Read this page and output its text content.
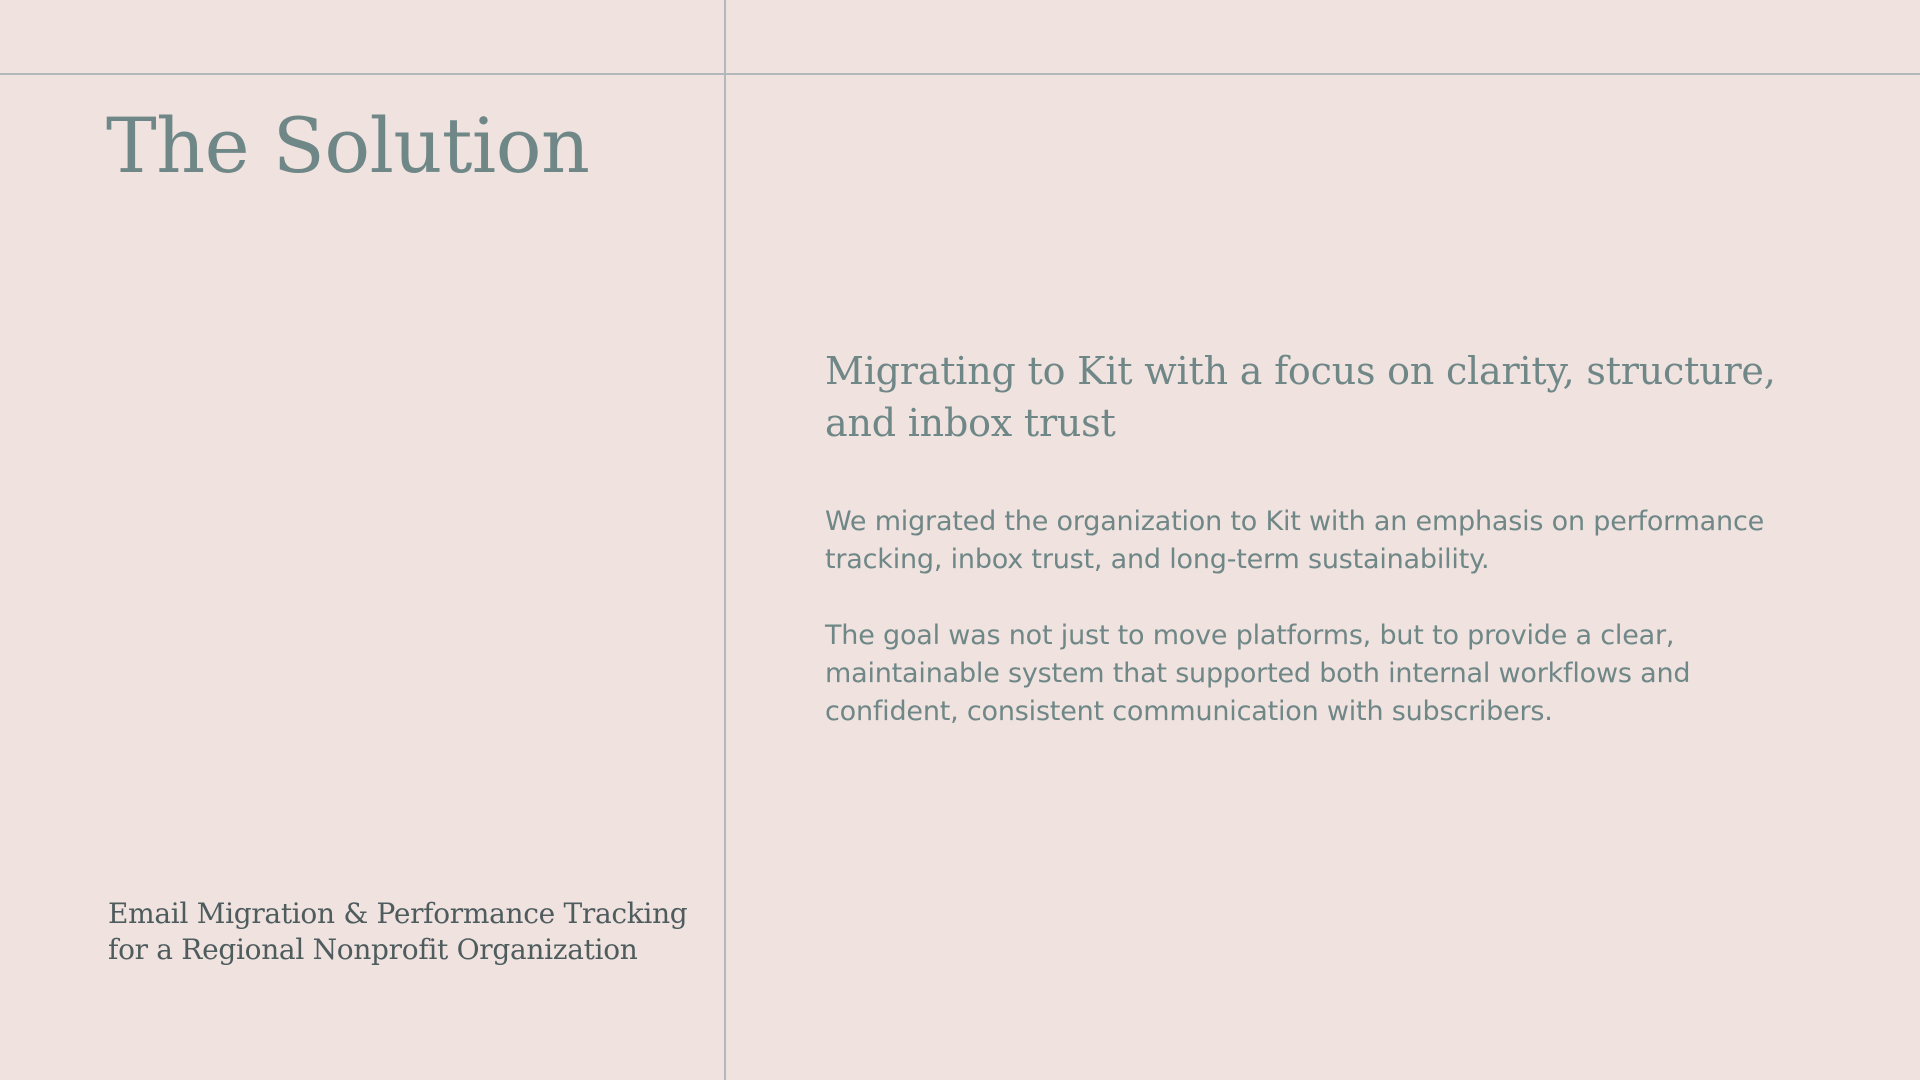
The Solution
Migrating to Kit with a focus on clarity, structure, and inbox trust

We migrated the organization to Kit with an emphasis on performance tracking, inbox trust, and long-term sustainability.

The goal was not just to move platforms, but to provide a clear, maintainable system that supported both internal workflows and confident, consistent communication with subscribers.

Email Migration & Performance Tracking
for a Regional Nonprofit Organization
